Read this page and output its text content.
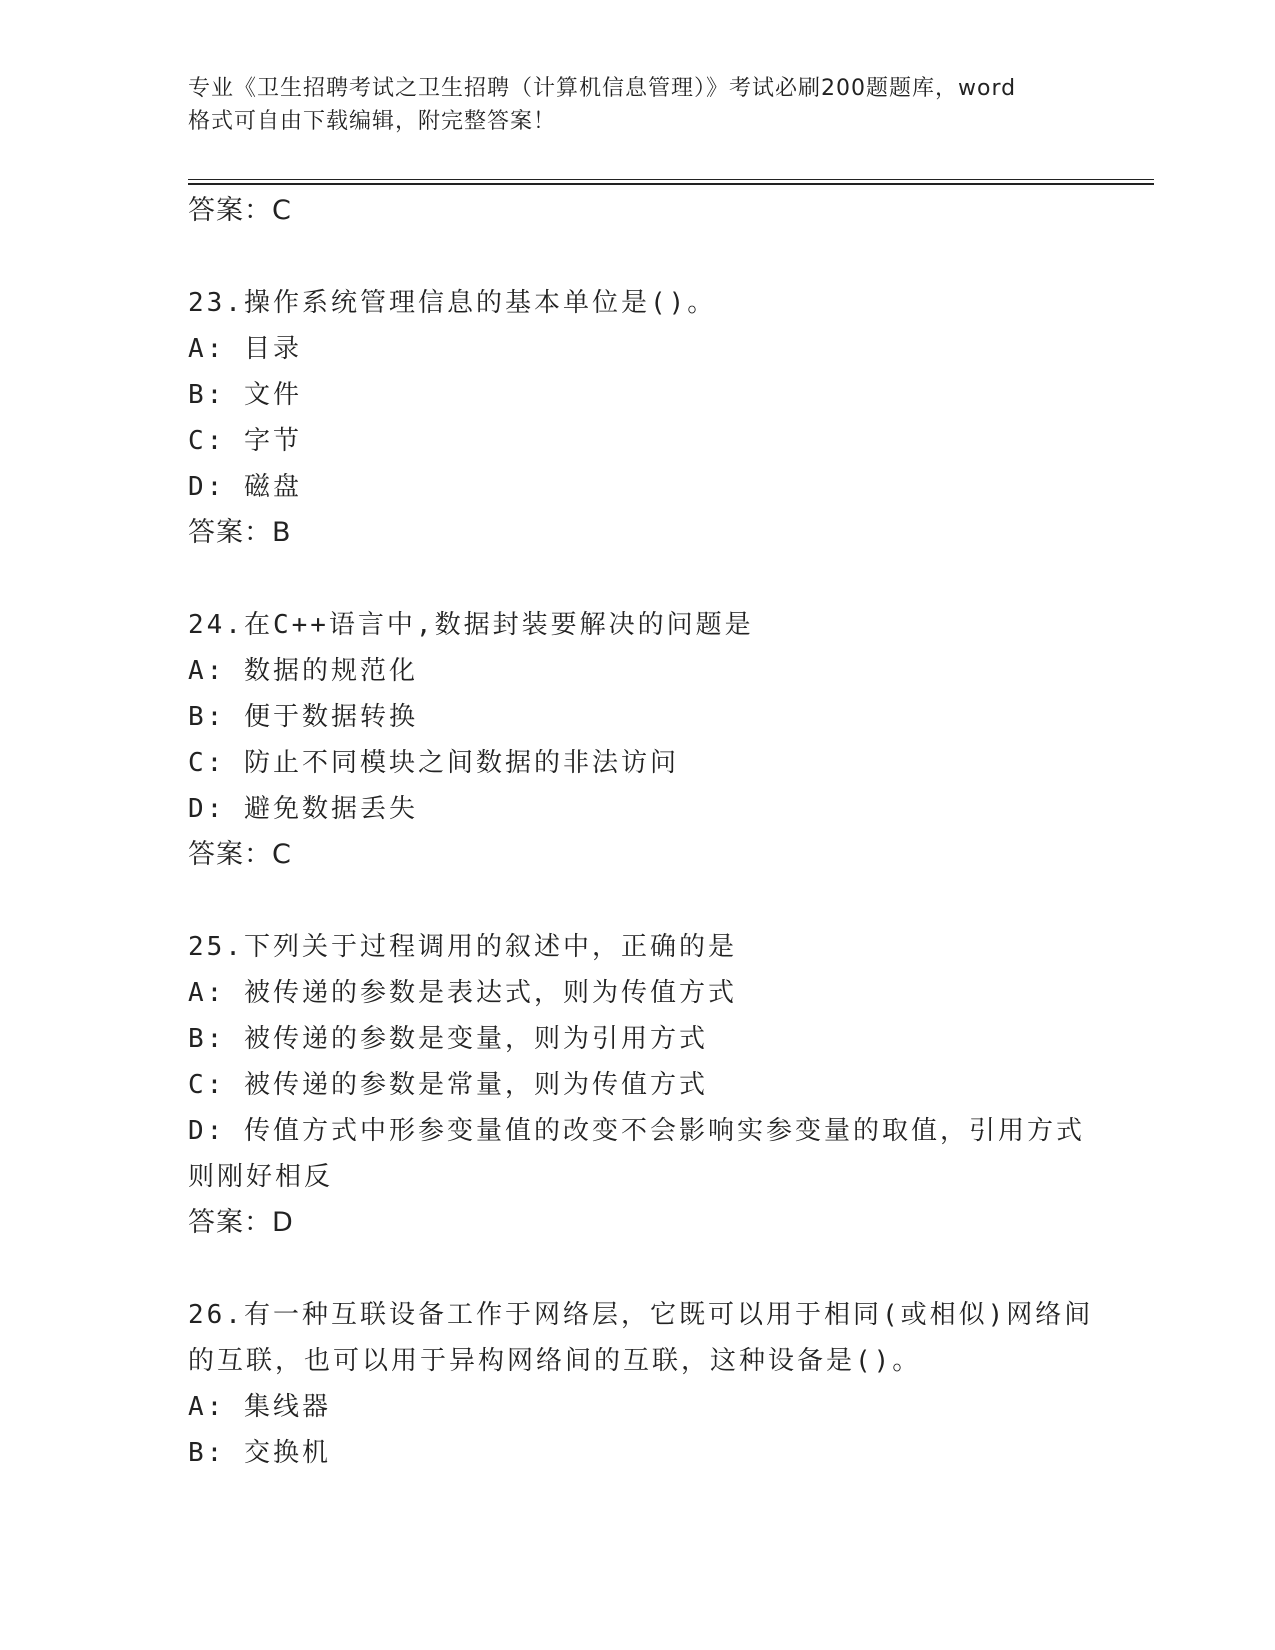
专业《卫生招聘考试之卫生招聘（计算机信息管理）》考试必刷200题题库，word
格式可自由下载编辑，附完整答案！
答案：C
23.操作系统管理信息的基本单位是()。
A: 目录
B: 文件
C: 字节
D: 磁盘
答案：B
24.在C++语言中,数据封装要解决的问题是
A: 数据的规范化
B: 便于数据转换
C: 防止不同模块之间数据的非法访问
D: 避免数据丢失
答案：C
25.下列关于过程调用的叙述中，正确的是
A: 被传递的参数是表达式，则为传值方式
B: 被传递的参数是变量，则为引用方式
C: 被传递的参数是常量，则为传值方式
D: 传值方式中形参变量值的改变不会影响实参变量的取值，引用方式
则刚好相反
答案：D
26.有一种互联设备工作于网络层，它既可以用于相同(或相似)网络间
的互联，也可以用于异构网络间的互联，这种设备是()。
A: 集线器
B: 交换机
